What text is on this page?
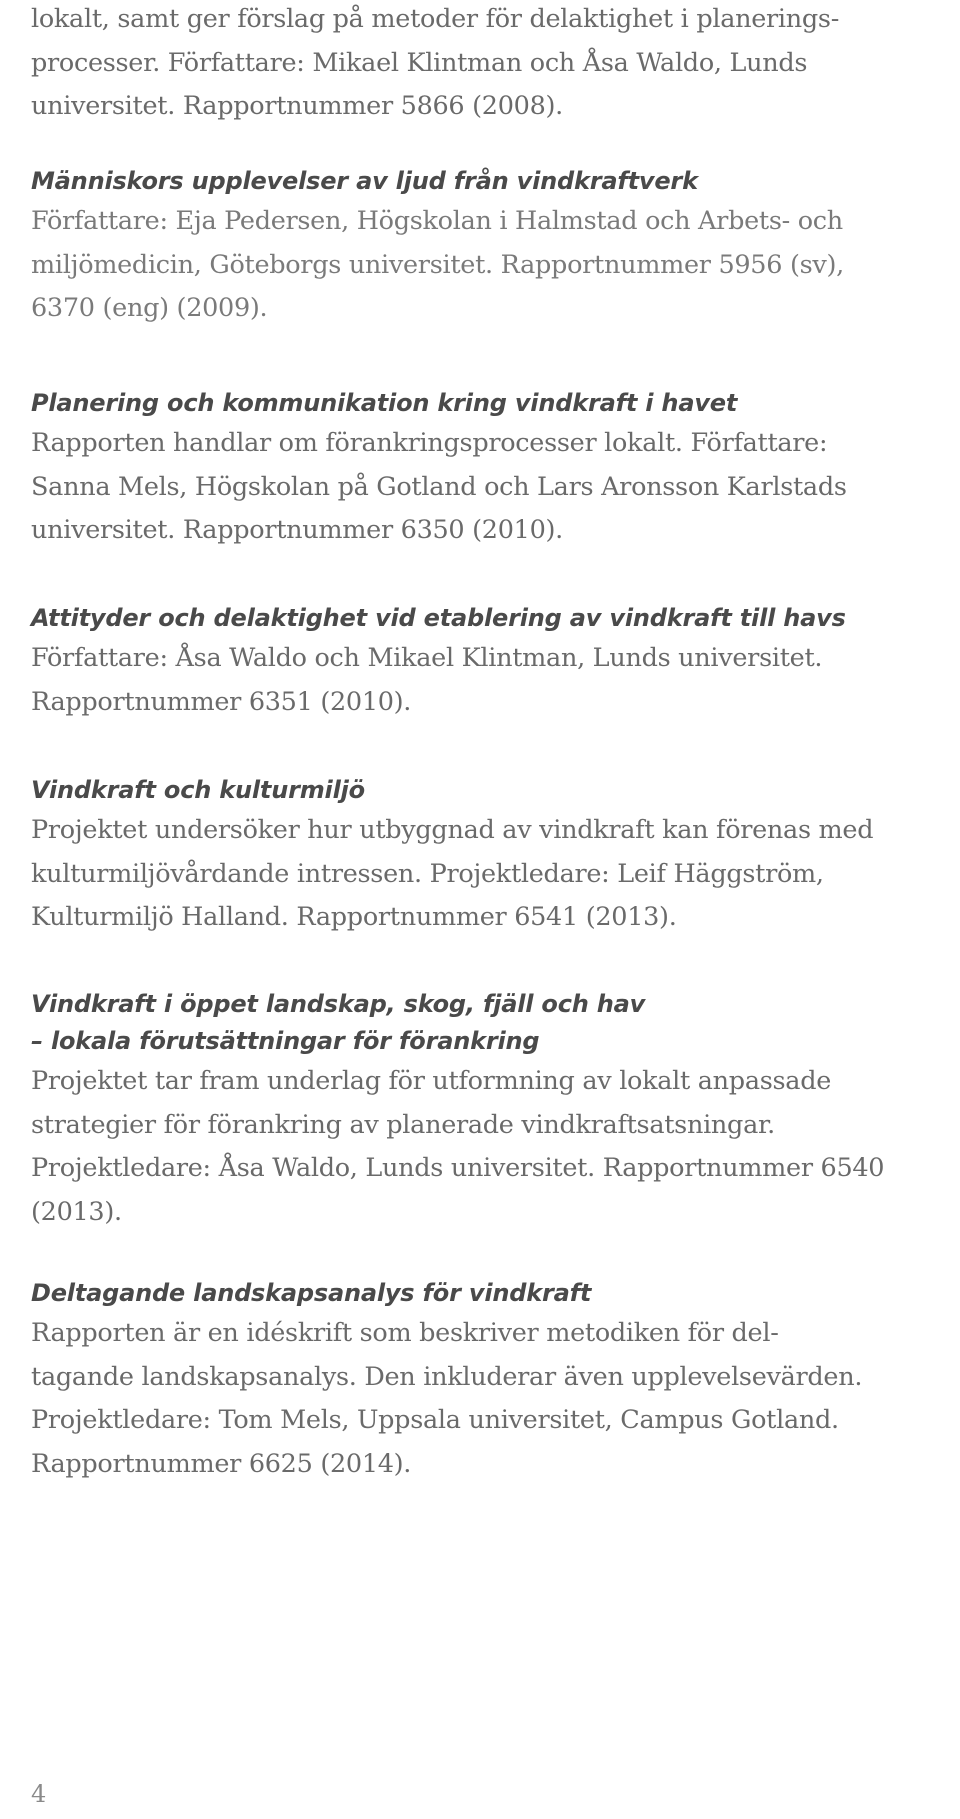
lokalt, samt ger förslag på metoder för delaktighet i planerings-
processer. Författare: Mikael Klintman och Åsa Waldo, Lunds
universitet. Rapportnummer 5866 (2008).

Människors upplevelser av ljud från vindkraftverk

Författare: Eja Pedersen, Högskolan i Halmstad och Arbets- och
miljömedicin, Göteborgs universitet. Rapportnummer 5956 (sv),
6370 (eng) (2009).

Planering och kommunikation kring vindkraft i havet

Rapporten handlar om förankringsprocesser lokalt. Författare:
Sanna Mels, Högskolan på Gotland och Lars Aronsson Karlstads
universitet. Rapportnummer 6350 (2010).

Attityder och delaktighet vid etablering av vindkraft till havs

Författare: Åsa Waldo och Mikael Klintman, Lunds universitet.
Rapportnummer 6351 (2010).

Vindkraft och kulturmiljö

Projektet undersöker hur utbyggnad av vindkraft kan förenas med
kulturmiljövårdande intressen. Projektledare: Leif Häggström,
Kulturmiljö Halland. Rapportnummer 6541 (2013).

Vindkraft i öppet landskap, skog, fjäll och hav
– lokala förutsättningar för förankring

Projektet tar fram underlag för utformning av lokalt anpassade
strategier för förankring av planerade vindkraftsatsningar.
Projektledare: Åsa Waldo, Lunds universitet. Rapportnummer 6540
(2013).

Deltagande landskapsanalys för vindkraft

Rapporten är en idéskrift som beskriver metodiken för del-
tagande landskapsanalys. Den inkluderar även upplevelsevärden.
Projektledare: Tom Mels, Uppsala universitet, Campus Gotland.
Rapportnummer 6625 (2014).

4
